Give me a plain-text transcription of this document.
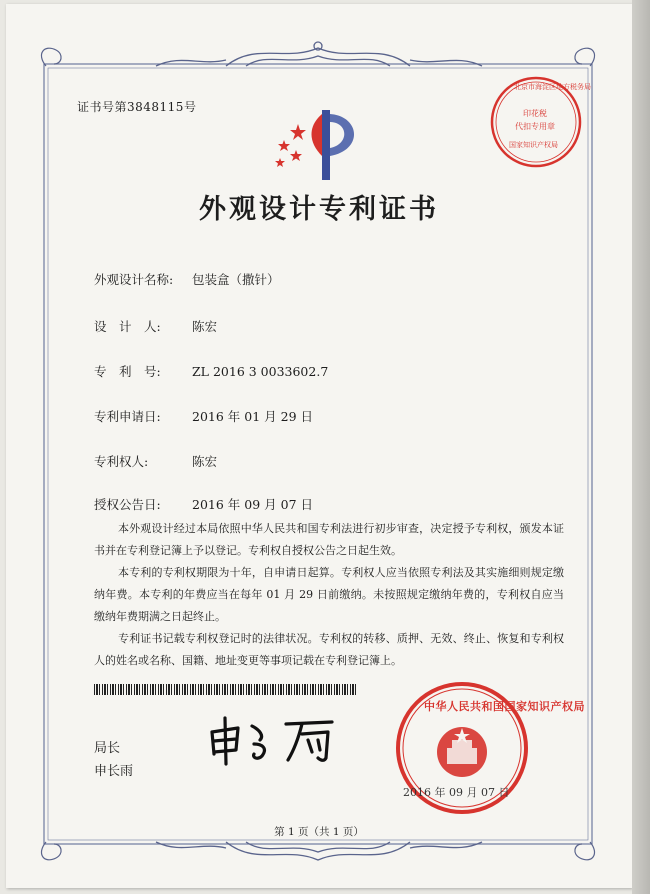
北京市海淀区地方税务局
印花税
代扣专用章
国家知识产权局
证书号第3848115号
外观设计专利证书
外观设计名称: 包装盒（撒针）
设　计　人:	陈宏
专　利　号:	ZL 2016 3 0033602.7
专利申请日:	2016 年 01 月 29 日
专利权人:	陈宏
授权公告日:	2016 年 09 月 07 日

本外观设计经过本局依照中华人民共和国专利法进行初步审查，决定授予专利权，颁发本证书并在专利登记簿上予以登记。专利权自授权公告之日起生效。

本专利的专利权期限为十年，自申请日起算。专利权人应当依照专利法及其实施细则规定缴纳年费。本专利的年费应当在每年 01 月 29 日前缴纳。未按照规定缴纳年费的，专利权自应当缴纳年费期满之日起终止。

专利证书记载专利权登记时的法律状况。专利权的转移、质押、无效、终止、恢复和专利权人的姓名或名称、国籍、地址变更等事项记载在专利登记簿上。

局长
申长雨
中华人民共和国国家知识产权局
2016 年 09 月 07 日
第 1 页（共 1 页）
